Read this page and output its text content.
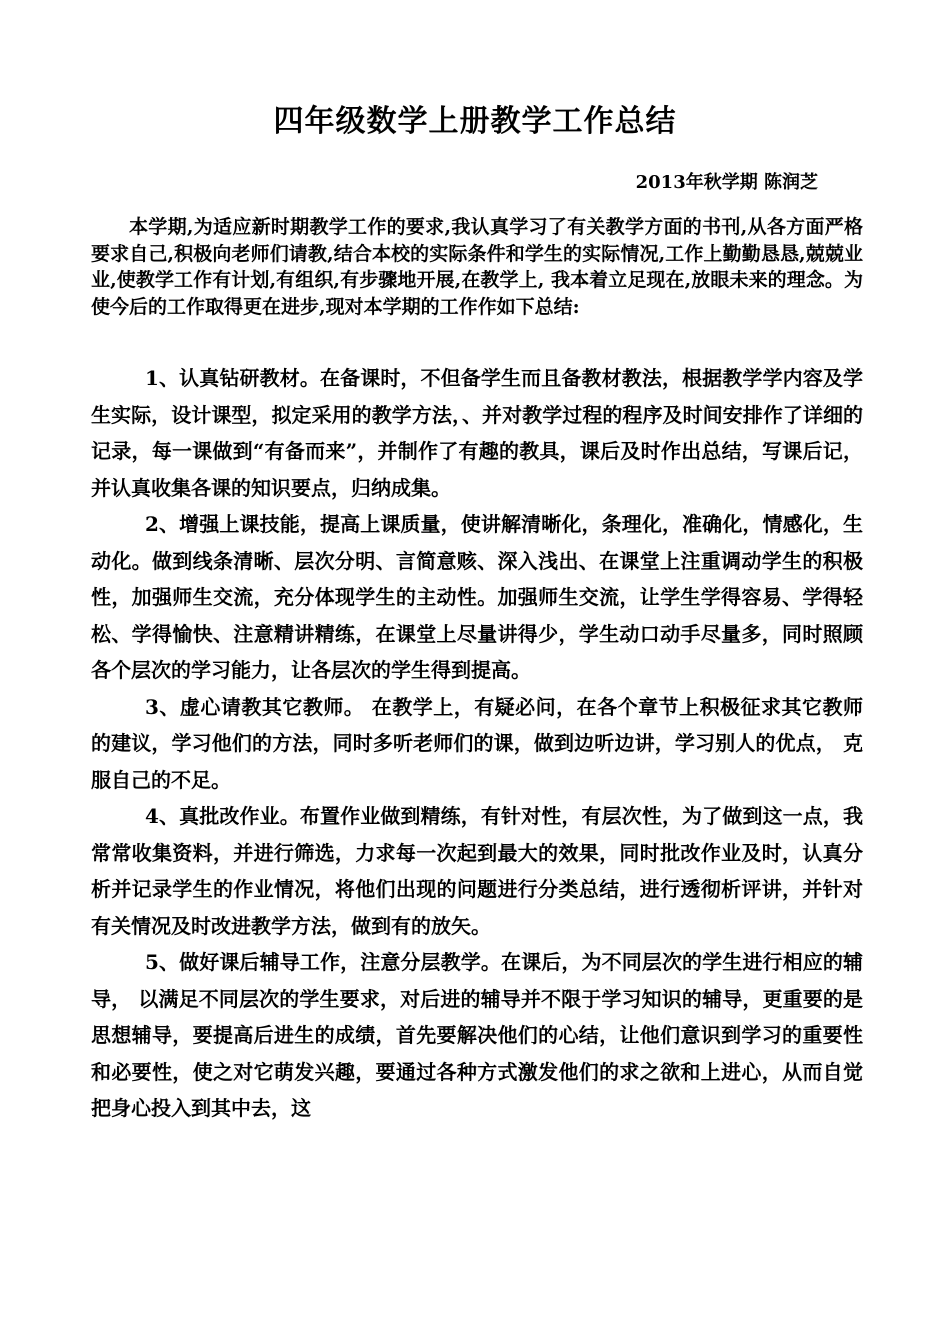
四年级数学上册教学工作总结
2013年秋学期 陈润芝

本学期,为适应新时期教学工作的要求,我认真学习了有关教学方面的书刊,从各方面严格要求自己,积极向老师们请教,结合本校的实际条件和学生的实际情况,工作上勤勤恳恳,兢兢业业,使教学工作有计划,有组织,有步骤地开展,在教学上, 我本着立足现在,放眼未来的理念。为使今后的工作取得更在进步,现对本学期的工作作如下总结:

1、认真钻研教材。在备课时，不但备学生而且备教材教法，根据教学学内容及学生实际，设计课型，拟定采用的教学方法，、并对教学过程的程序及时间安排作了详细的记录，每一课做到“有备而来”，并制作了有趣的教具，课后及时作出总结，写课后记，并认真收集各课的知识要点，归纳成集。

2、增强上课技能，提高上课质量，使讲解清晰化，条理化，准确化，情感化，生动化。做到线条清晰、层次分明、言简意赅、深入浅出、在课堂上注重调动学生的积极性，加强师生交流，充分体现学生的主动性。加强师生交流，让学生学得容易、学得轻松、学得愉快、注意精讲精练，在课堂上尽量讲得少，学生动口动手尽量多，同时照顾各个层次的学习能力，让各层次的学生得到提高。

3、虚心请教其它教师。 在教学上，有疑必问，在各个章节上积极征求其它教师的建议，学习他们的方法，同时多听老师们的课，做到边听边讲，学习别人的优点， 克服自己的不足。

4、真批改作业。布置作业做到精练，有针对性，有层次性，为了做到这一点，我常常收集资料，并进行筛选，力求每一次起到最大的效果，同时批改作业及时，认真分析并记录学生的作业情况，将他们出现的问题进行分类总结，进行透彻析评讲，并针对有关情况及时改进教学方法，做到有的放矢。

5、做好课后辅导工作，注意分层教学。在课后，为不同层次的学生进行相应的辅导， 以满足不同层次的学生要求，对后进的辅导并不限于学习知识的辅导，更重要的是思想辅导，要提高后进生的成绩，首先要解决他们的心结，让他们意识到学习的重要性和必要性，使之对它萌发兴趣，要通过各种方式激发他们的求之欲和上进心，从而自觉把身心投入到其中去，这
